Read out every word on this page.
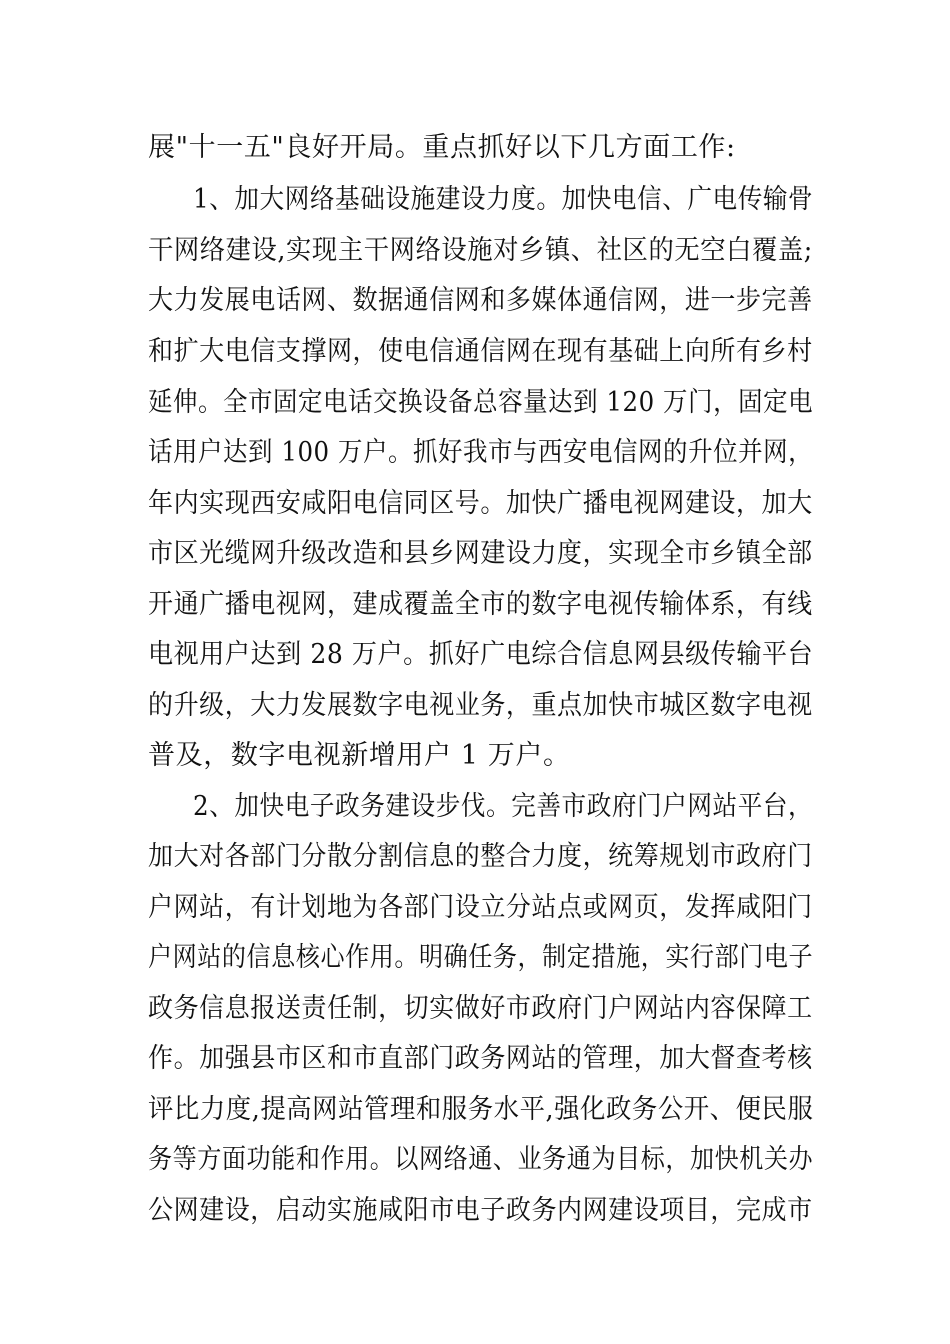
展"十一五"良好开局。重点抓好以下几方面工作:
1、加大网络基础设施建设力度。加快电信、广电传输骨
干网络建设,实现主干网络设施对乡镇、社区的无空白覆盖;
大力发展电话网、数据通信网和多媒体通信网，进一步完善
和扩大电信支撑网，使电信通信网在现有基础上向所有乡村
延伸。全市固定电话交换设备总容量达到 120 万门，固定电
话用户达到 100 万户。抓好我市与西安电信网的升位并网，
年内实现西安咸阳电信同区号。加快广播电视网建设，加大
市区光缆网升级改造和县乡网建设力度，实现全市乡镇全部
开通广播电视网，建成覆盖全市的数字电视传输体系，有线
电视用户达到 28 万户。抓好广电综合信息网县级传输平台
的升级，大力发展数字电视业务，重点加快市城区数字电视
普及，数字电视新增用户 1 万户。
2、加快电子政务建设步伐。完善市政府门户网站平台，
加大对各部门分散分割信息的整合力度，统筹规划市政府门
户网站，有计划地为各部门设立分站点或网页，发挥咸阳门
户网站的信息核心作用。明确任务，制定措施，实行部门电子
政务信息报送责任制，切实做好市政府门户网站内容保障工
作。加强县市区和市直部门政务网站的管理，加大督查考核
评比力度,提高网站管理和服务水平,强化政务公开、便民服
务等方面功能和作用。以网络通、业务通为目标，加快机关办
公网建设，启动实施咸阳市电子政务内网建设项目，完成市
